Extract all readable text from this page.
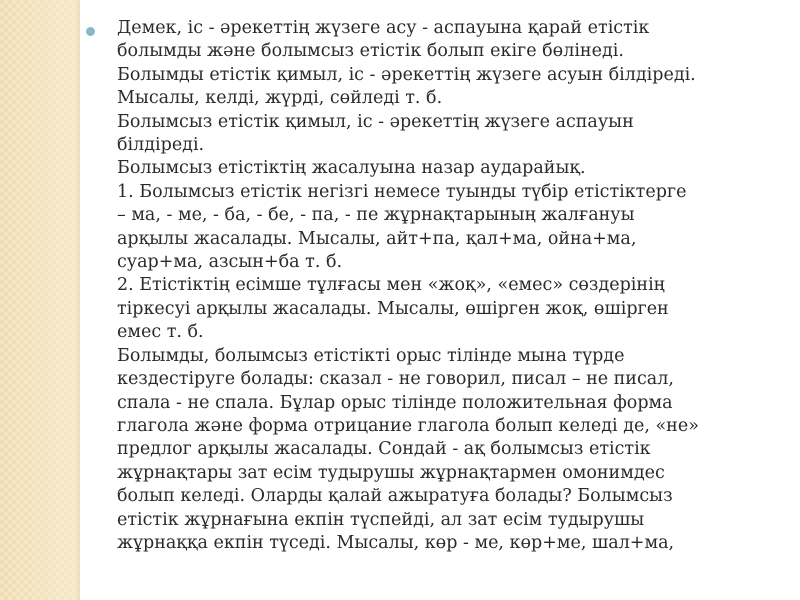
Демек, іс - әрекеттің жүзеге асу - аспауына қарай етістік
болымды және болымсыз етістік болып екіге бөлінеді.
Болымды етістік қимыл, іс - әрекеттің жүзеге асуын білдіреді.
Мысалы, келді, жүрді, сөйледі т. б.
Болымсыз етістік қимыл, іс - әрекеттің жүзеге аспауын
білдіреді.
Болымсыз етістіктің жасалуына назар аударайық.
1. Болымсыз етістік негізгі немесе туынды түбір етістіктерге
– ма, - ме, - ба, - бе, - па, - пе жұрнақтарының жалғануы
арқылы жасалады. Мысалы, айт+па, қал+ма, ойна+ма,
суар+ма, азсын+ба т. б.
2. Етістіктің есімше тұлғасы мен «жоқ», «емес» сөздерінің
тіркесуі арқылы жасалады. Мысалы, өшірген жоқ, өшірген
емес т. б.
Болымды, болымсыз етістікті орыс тілінде мына түрде
кездестіруге болады: сказал - не говорил, писал – не писал,
спала - не спала. Бұлар орыс тілінде положительная форма
глагола және форма отрицание глагола болып келеді де, «не»
предлог арқылы жасалады. Сондай - ақ болымсыз етістік
жұрнақтары зат есім тудырушы жұрнақтармен омонимдес
болып келеді. Оларды қалай ажыратуға болады? Болымсыз
етістік жұрнағына екпін түспейді, ал зат есім тудырушы
жұрнаққа екпін түседі. Мысалы, көр - ме, көр+ме, шал+ма,
